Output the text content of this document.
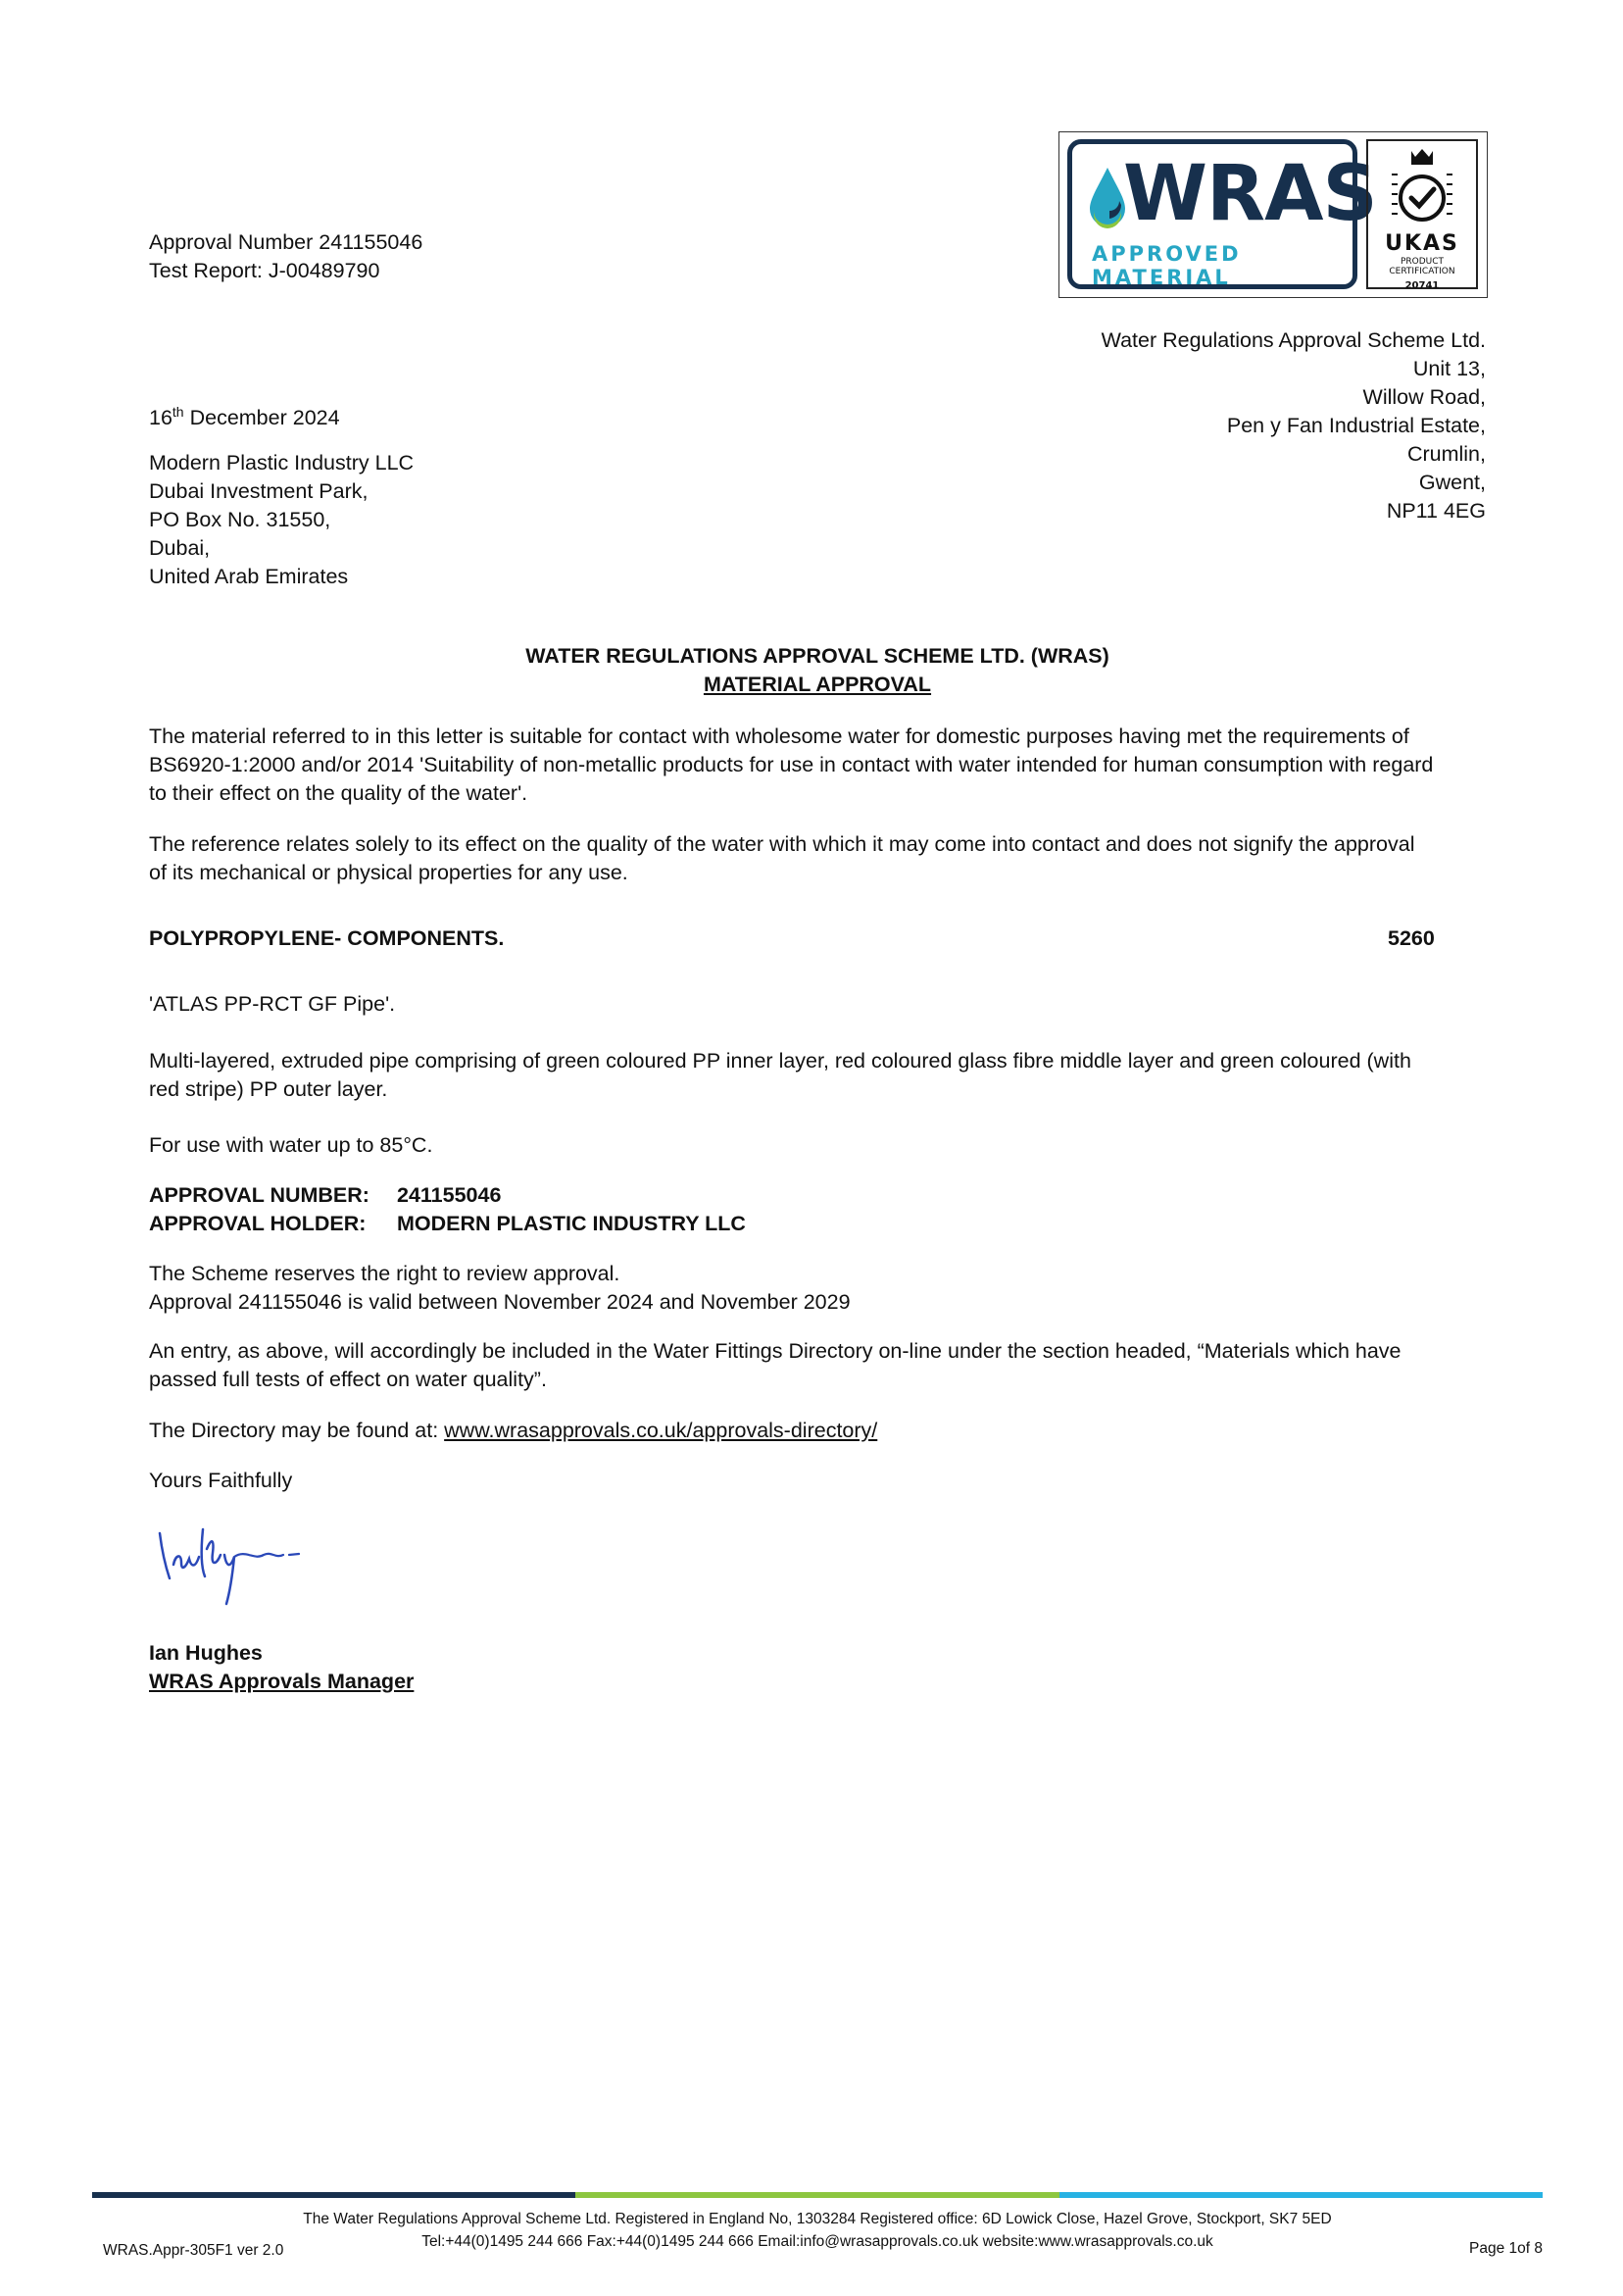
Approval Number 241155046
Test Report: J-00489790
WRAS
APPROVED MATERIAL
UKAS
PRODUCT
CERTIFICATION
20741
Water Regulations Approval Scheme Ltd.
Unit 13,
Willow Road,
Pen y Fan Industrial Estate,
Crumlin,
Gwent,
NP11 4EG
16th December 2024
Modern Plastic Industry LLC
Dubai Investment Park,
PO Box No. 31550,
Dubai,
United Arab Emirates
WATER REGULATIONS APPROVAL SCHEME LTD. (WRAS)
MATERIAL APPROVAL
The material referred to in this letter is suitable for contact with wholesome water for domestic purposes having met the requirements of
BS6920-1:2000 and/or 2014 'Suitability of non-metallic products for use in contact with water intended for human consumption with regard
to their effect on the quality of the water'.
The reference relates solely to its effect on the quality of the water with which it may come into contact and does not signify the approval
of its mechanical or physical properties for any use.
POLYPROPYLENE- COMPONENTS.	5260
'ATLAS PP-RCT GF Pipe'.
Multi-layered, extruded pipe comprising of green coloured PP inner layer, red coloured glass fibre middle layer and green coloured (with
red stripe) PP outer layer.
For use with water up to 85°C.
APPROVAL NUMBER: 241155046
APPROVAL HOLDER: MODERN PLASTIC INDUSTRY LLC
The Scheme reserves the right to review approval.
Approval 241155046 is valid between November 2024 and November 2029
An entry, as above, will accordingly be included in the Water Fittings Directory on-line under the section headed, “Materials which have
passed full tests of effect on water quality”.
The Directory may be found at: www.wrasapprovals.co.uk/approvals-directory/
Yours Faithfully
Ian Hughes
WRAS Approvals Manager
The Water Regulations Approval Scheme Ltd. Registered in England No, 1303284 Registered office: 6D Lowick Close, Hazel Grove, Stockport, SK7 5ED
Tel:+44(0)1495 244 666 Fax:+44(0)1495 244 666 Email:info@wrasapprovals.co.uk website:www.wrasapprovals.co.uk
WRAS.Appr-305F1 ver 2.0	Page 1of 8
